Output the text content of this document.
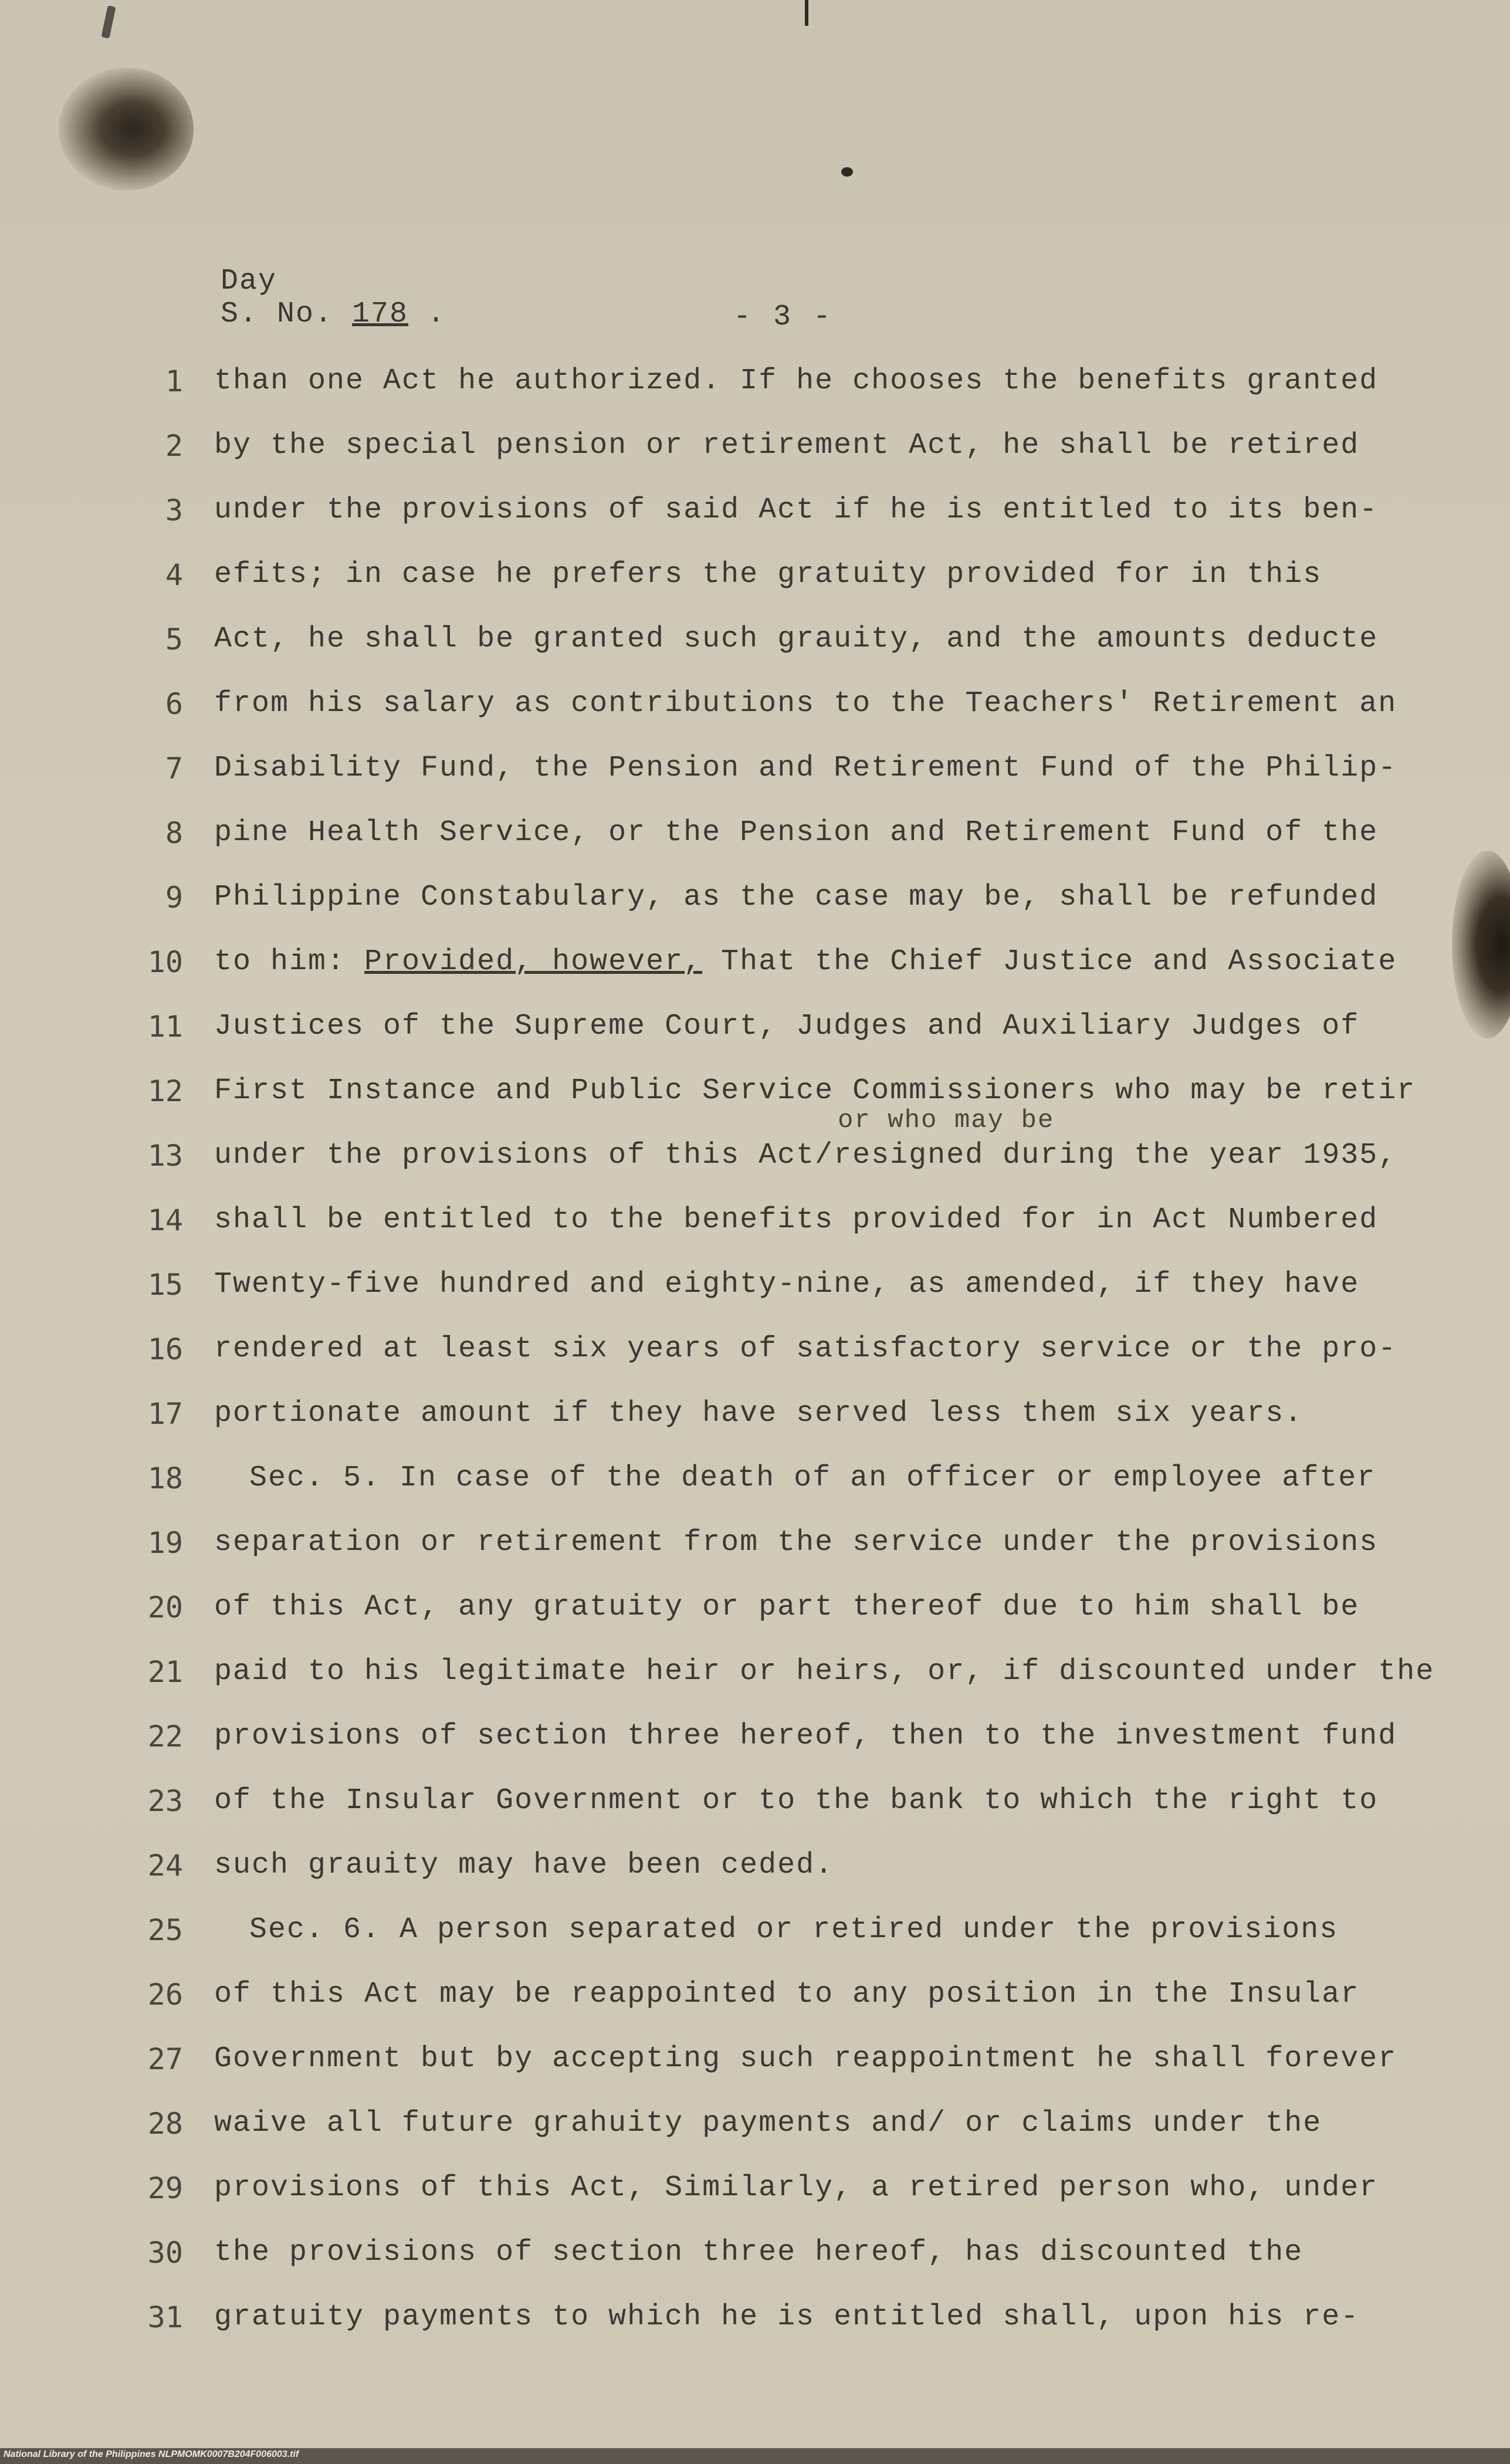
Day
S. No. 178 .	- 3 -
or who may be
1 than one Act he authorized. If he chooses the benefits granted
2 by the special pension or retirement Act, he shall be retired
3 under the provisions of said Act if he is entitled to its ben-
4 efits; in case he prefers the gratuity provided for in this
5 Act, he shall be granted such grauity, and the amounts deducte
6 from his salary as contributions to the Teachers' Retirement an
7 Disability Fund, the Pension and Retirement Fund of the Philip-
8 pine Health Service, or the Pension and Retirement Fund of the
9 Philippine Constabulary, as the case may be, shall be refunded
10 to him: Provided, however, That the Chief Justice and Associate
11 Justices of the Supreme Court, Judges and Auxiliary Judges of
12 First Instance and Public Service Commissioners who may be retir
13 under the provisions of this Act/resigned during the year 1935,
14 shall be entitled to the benefits provided for in Act Numbered
15 Twenty-five hundred and eighty-nine, as amended, if they have
16 rendered at least six years of satisfactory service or the pro-
17 portionate amount if they have served less them six years.
18	Sec. 5. In case of the death of an officer or employee after
19 separation or retirement from the service under the provisions
20 of this Act, any gratuity or part thereof due to him shall be
21 paid to his legitimate heir or heirs, or, if discounted under the
22 provisions of section three hereof, then to the investment fund
23 of the Insular Government or to the bank to which the right to
24 such grauity may have been ceded.
25	Sec. 6. A person separated or retired under the provisions
26 of this Act may be reappointed to any position in the Insular
27 Government but by accepting such reappointment he shall forever
28 waive all future grahuity payments and/ or claims under the
29 provisions of this Act, Similarly, a retired person who, under
30 the provisions of section three hereof, has discounted the
31 gratuity payments to which he is entitled shall, upon his re-
National Library of the Philippines NLPMOMK0007B204F006003.tif
